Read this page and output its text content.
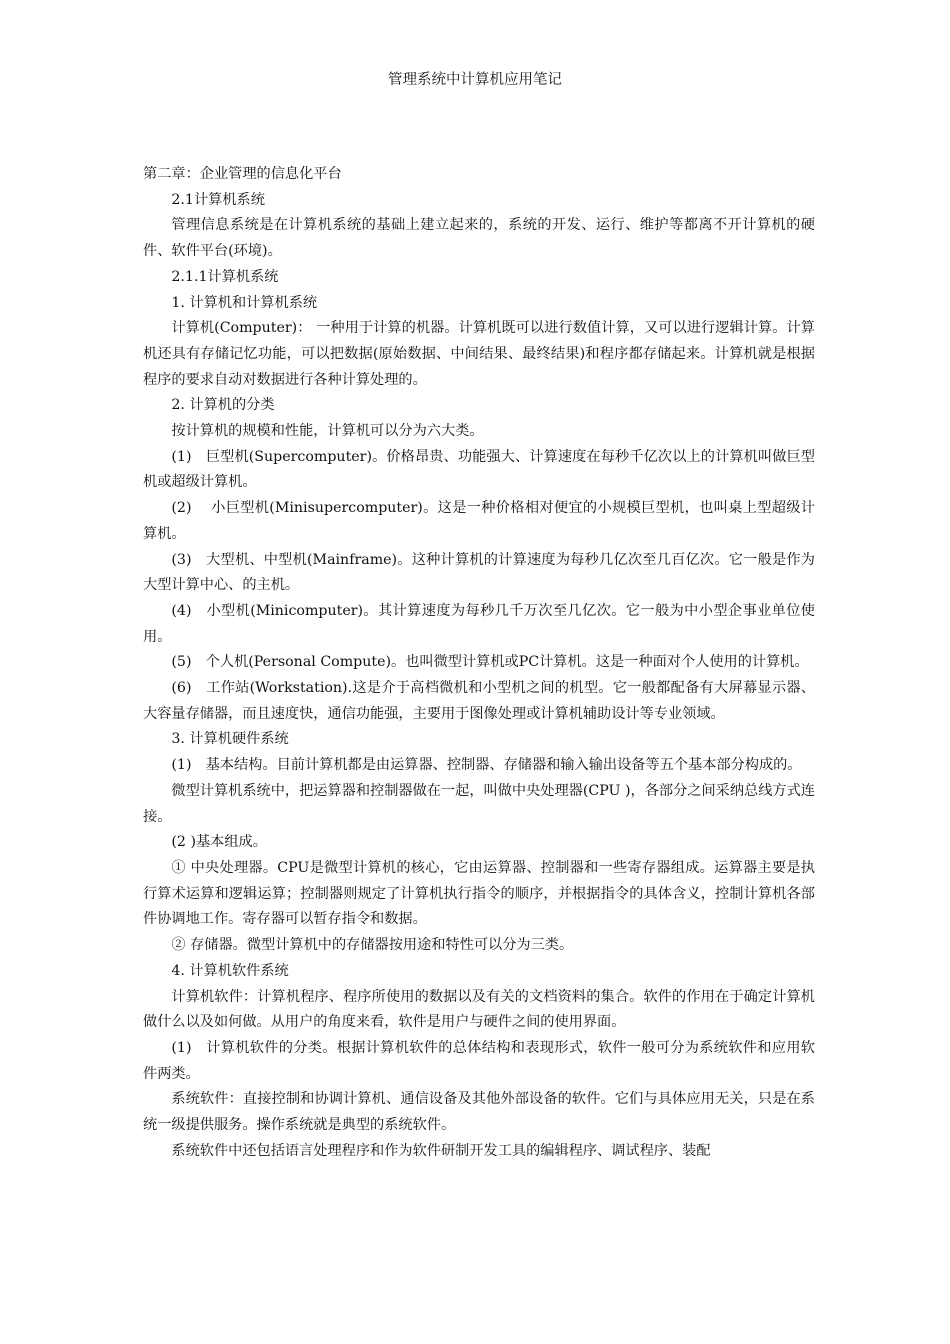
管理系统中计算机应用笔记

第二章：企业管理的信息化平台

2.1计算机系统

管理信息系统是在计算机系统的基础上建立起来的，系统的开发、运行、维护等都离不开计算机的硬件、软件平台(环境)。

2.1.1计算机系统

1. 计算机和计算机系统

计算机(Computer)： 一种用于计算的机器。计算机既可以进行数值计算，又可以进行逻辑计算。计算机还具有存储记忆功能，可以把数据(原始数据、中间结果、最终结果)和程序都存储起来。计算机就是根据程序的要求自动对数据进行各种计算处理的。

2. 计算机的分类

按计算机的规模和性能，计算机可以分为六大类。

(1)　巨型机(Supercomputer)。价格昂贵、功能强大、计算速度在每秒千亿次以上的计算机叫做巨型机或超级计算机。

(2)　 小巨型机(Minisupercomputer)。这是一种价格相对便宜的小规模巨型机，也叫桌上型超级计算机。

(3)　大型机、中型机(Mainframe)。这种计算机的计算速度为每秒几亿次至几百亿次。它一般是作为大型计算中心、的主机。

(4)　小型机(Minicomputer)。其计算速度为每秒几千万次至几亿次。它一般为中小型企事业单位使用。

(5)　个人机(Personal Compute)。也叫微型计算机或PC计算机。这是一种面对个人使用的计算机。

(6)　工作站(Workstation).这是介于高档微机和小型机之间的机型。它一般都配备有大屏幕显示器、大容量存储器，而且速度快，通信功能强，主要用于图像处理或计算机辅助设计等专业领域。

3. 计算机硬件系统

(1)　基本结构。目前计算机都是由运算器、控制器、存储器和输入输出设备等五个基本部分构成的。

微型计算机系统中，把运算器和控制器做在一起，叫做中央处理器(CPU )，各部分之间采纳总线方式连接。

(2 )基本组成。

① 中央处理器。CPU是微型计算机的核心，它由运算器、控制器和一些寄存器组成。运算器主要是执行算术运算和逻辑运算；控制器则规定了计算机执行指令的顺序，并根据指令的具体含义，控制计算机各部件协调地工作。寄存器可以暂存指令和数据。

② 存储器。微型计算机中的存储器按用途和特性可以分为三类。

4. 计算机软件系统

计算机软件：计算机程序、程序所使用的数据以及有关的文档资料的集合。软件的作用在于确定计算机做什么以及如何做。从用户的角度来看，软件是用户与硬件之间的使用界面。

(1)　计算机软件的分类。根据计算机软件的总体结构和表现形式，软件一般可分为系统软件和应用软件两类。

系统软件：直接控制和协调计算机、通信设备及其他外部设备的软件。它们与具体应用无关，只是在系统一级提供服务。操作系统就是典型的系统软件。

系统软件中还包括语言处理程序和作为软件研制开发工具的编辑程序、调试程序、装配
